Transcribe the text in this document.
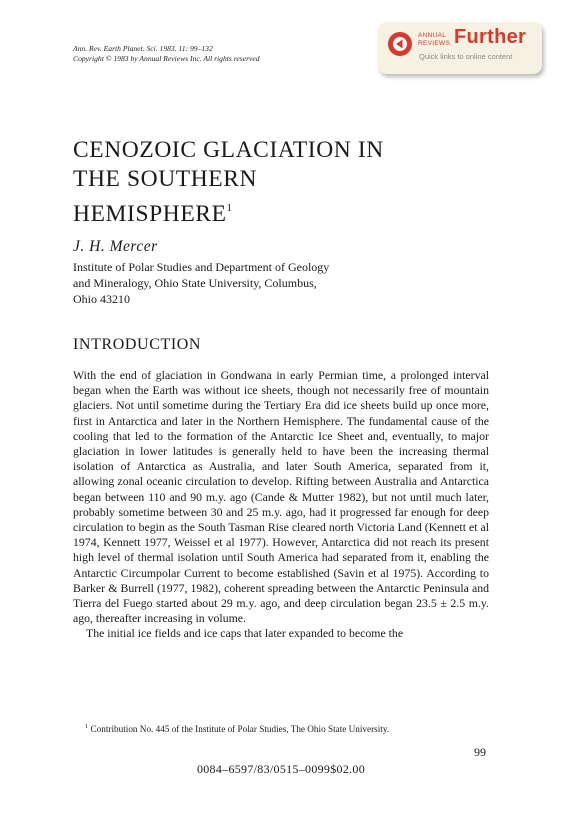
Ann. Rev. Earth Planet. Sci. 1983. 11: 99–132
Copyright © 1983 by Annual Reviews Inc. All rights reserved
ANNUAL
REVIEWS Further
Quick links to online content
CENOZOIC GLACIATION IN
THE SOUTHERN
HEMISPHERE$^1$
J. H. Mercer
Institute of Polar Studies and Department of Geology
and Mineralogy, Ohio State University, Columbus,
Ohio 43210
INTRODUCTION

With the end of glaciation in Gondwana in early Permian time, a prolonged interval began when the Earth was without ice sheets, though not necessarily free of mountain glaciers. Not until sometime during the Tertiary Era did ice sheets build up once more, first in Antarctica and later in the Northern Hemisphere. The fundamental cause of the cooling that led to the formation of the Antarctic Ice Sheet and, eventually, to major glaciation in lower latitudes is generally held to have been the increasing thermal isolation of Antarctica as Australia, and later South America, separated from it, allowing zonal oceanic circulation to develop. Rifting between Australia and Antarctica began between 110 and 90 m.y. ago (Cande & Mutter 1982), but not until much later, probably sometime between 30 and 25 m.y. ago, had it progressed far enough for deep circulation to begin as the South Tasman Rise cleared north Victoria Land (Kennett et al 1974, Kennett 1977, Weissel et al 1977). However, Antarctica did not reach its present high level of thermal isolation until South America had separated from it, enabling the Antarctic Circumpolar Current to become established (Savin et al 1975). According to Barker & Burrell (1977, 1982), coherent spreading between the Antarctic Peninsula and Tierra del Fuego started about 29 m.y. ago, and deep circulation began 23.5 ± 2.5 m.y. ago, thereafter increasing in volume.

The initial ice fields and ice caps that later expanded to become the

$^1$ Contribution No. 445 of the Institute of Polar Studies, The Ohio State University.
99
0084–6597/83/0515–0099$02.00
